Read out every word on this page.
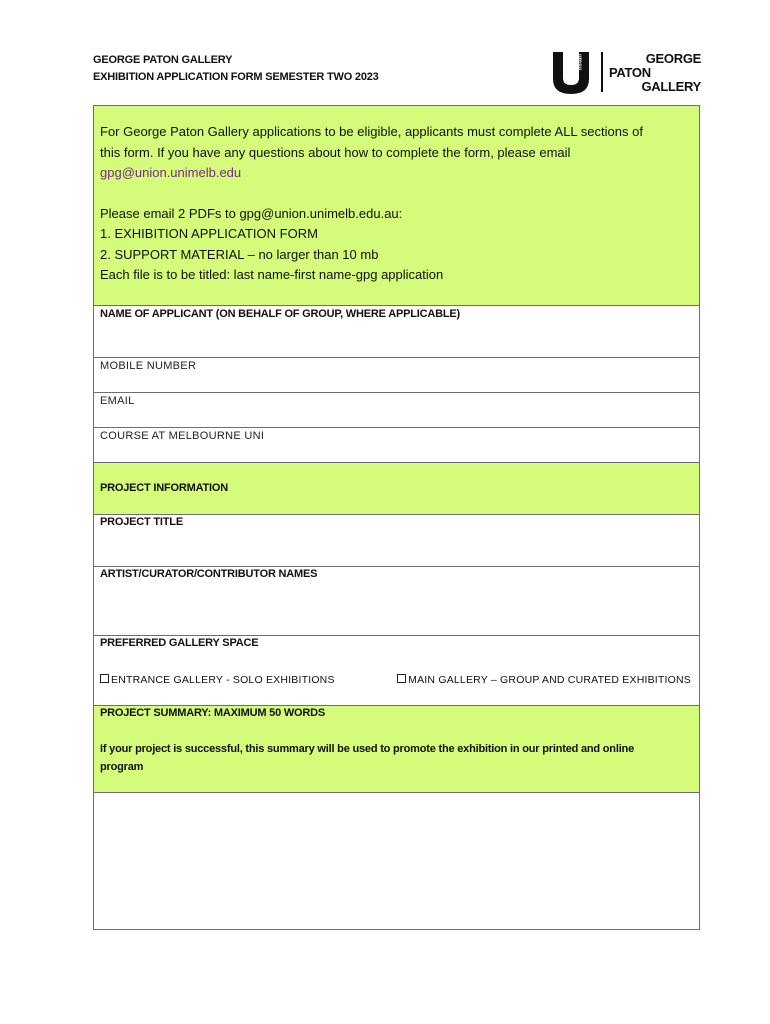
GEORGE PATON GALLERY
EXHIBITION APPLICATION FORM SEMESTER TWO 2023
umsu	GEORGE
PATON
GALLERY

For George Paton Gallery applications to be eligible, applicants must complete ALL sections of

this form. If you have any questions about how to complete the form, please email

gpg@union.unimelb.edu

Please email 2 PDFs to gpg@union.unimelb.edu.au:

1. EXHIBITION APPLICATION FORM

2. SUPPORT MATERIAL – no larger than 10 mb

Each file is to be titled: last name-first name-gpg application

NAME OF APPLICANT (ON BEHALF OF GROUP, WHERE APPLICABLE)
MOBILE NUMBER
EMAIL
COURSE AT MELBOURNE UNI
PROJECT INFORMATION
PROJECT TITLE
ARTIST/CURATOR/CONTRIBUTOR NAMES
PREFERRED GALLERY SPACE
ENTRANCE GALLERY - SOLO EXHIBITIONS	MAIN GALLERY – GROUP AND CURATED EXHIBITIONS
PROJECT SUMMARY: MAXIMUM 50 WORDS
If your project is successful, this summary will be used to promote the exhibition in our printed and online program
